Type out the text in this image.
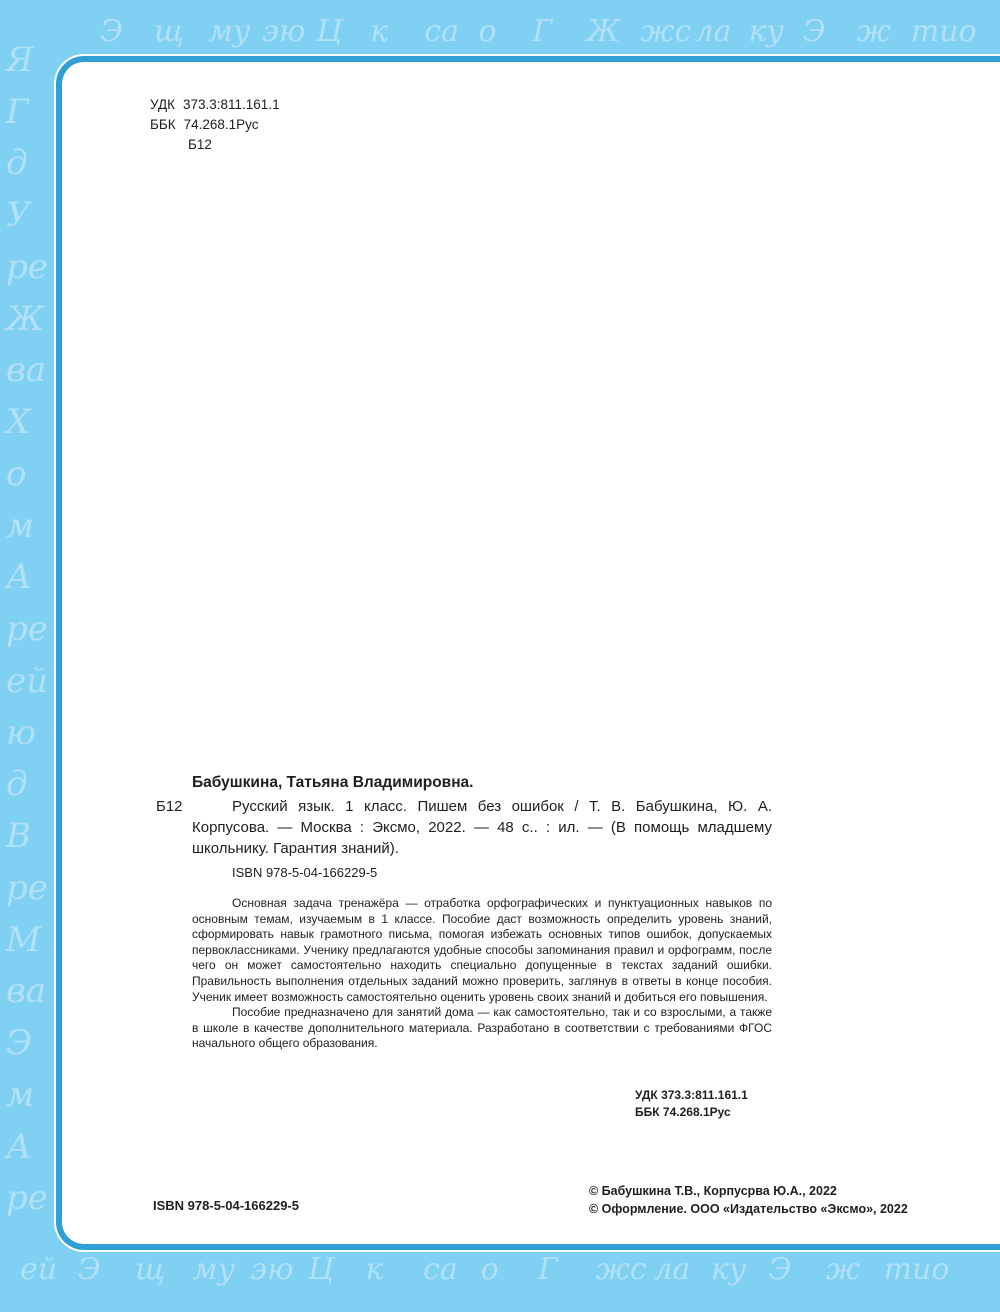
Э щ му эю Ц к са о Г Ж жс ла ку Э ж тио
ей Э щ му эю Ц к са о Г жс ла ку Э ж тио
Я
Г
д
У
ре
Ж
ва
Х
о
м
А
ре
ей
ю
д
В
ре
М
ва
Э
м
А
ре
УДК 373.3:811.161.1
ББК 74.268.1Рус
Б12
Бабушкина, Татьяна Владимировна.
Б12	Русский язык. 1 класс. Пишем без ошибок / Т. В. Бабушкина, Ю. А. Корпусова. — Москва : Эксмо, 2022. — 48 с.. : ил. — (В помощь младшему школьнику. Гарантия знаний).

ISBN 978-5-04-166229-5

Основная задача тренажёра — отработка орфографических и пунктуационных навыков по основным темам, изучаемым в 1 классе. Пособие даст возможность определить уровень знаний, сформировать навык грамотного письма, помогая избежать основных типов ошибок, допускаемых первоклассниками. Ученику предлагаются удобные способы запоминания правил и орфограмм, после чего он может самостоятельно находить специально допущенные в текстах заданий ошибки. Правильность выполнения отдельных заданий можно проверить, заглянув в ответы в конце пособия. Ученик имеет возможность самостоятельно оценить уровень своих знаний и добиться его повышения.

Пособие предназначено для занятий дома — как самостоятельно, так и со взрослыми, а также в школе в качестве дополнительного материала. Разработано в соответствии с требованиями ФГОС начального общего образования.

УДК 373.3:811.161.1
ББК 74.268.1Рус
ISBN 978-5-04-166229-5
© Бабушкина Т.В., Корпусрва Ю.А., 2022
© Оформление. ООО «Издательство «Эксмо», 2022
